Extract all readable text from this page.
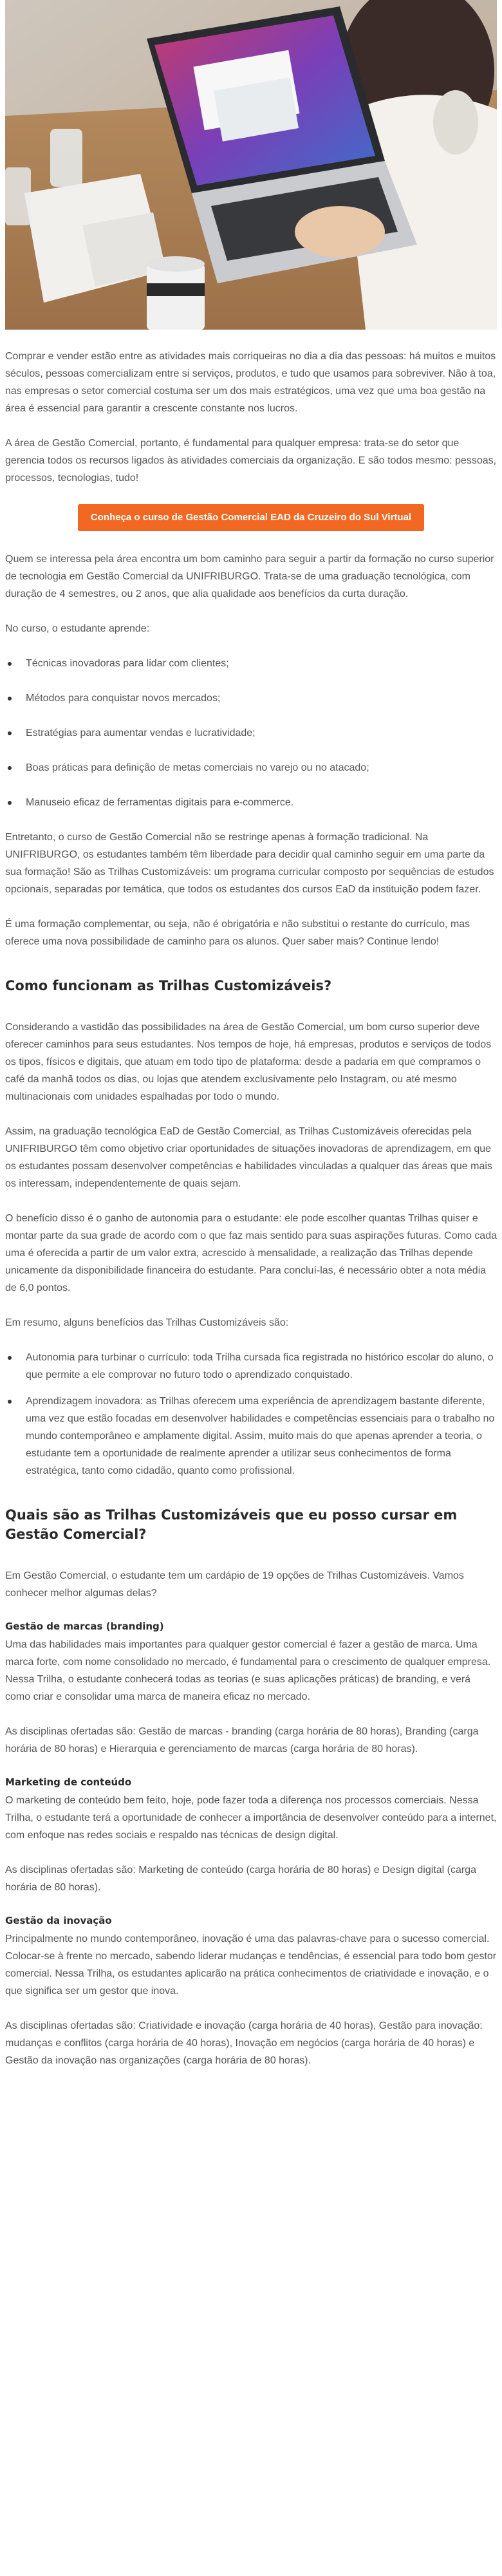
Comprar e vender estão entre as atividades mais corriqueiras no dia a dia das pessoas: há muitos e muitos séculos, pessoas comercializam entre si serviços, produtos, e tudo que usamos para sobreviver. Não à toa, nas empresas o setor comercial costuma ser um dos mais estratégicos, uma vez que uma boa gestão na área é essencial para garantir a crescente constante nos lucros.

A área de Gestão Comercial, portanto, é fundamental para qualquer empresa: trata-se do setor que gerencia todos os recursos ligados às atividades comerciais da organização. E são todos mesmo: pessoas, processos, tecnologias, tudo!

Conheça o curso de Gestão Comercial EAD da Cruzeiro do Sul Virtual

Quem se interessa pela área encontra um bom caminho para seguir a partir da formação no curso superior de tecnologia em Gestão Comercial da UNIFRIBURGO. Trata-se de uma graduação tecnológica, com duração de 4 semestres, ou 2 anos, que alia qualidade aos benefícios da curta duração.

No curso, o estudante aprende:

Técnicas inovadoras para lidar com clientes;
Métodos para conquistar novos mercados;
Estratégias para aumentar vendas e lucratividade;
Boas práticas para definição de metas comerciais no varejo ou no atacado;
Manuseio eficaz de ferramentas digitais para e-commerce.

Entretanto, o curso de Gestão Comercial não se restringe apenas à formação tradicional. Na UNIFRIBURGO, os estudantes também têm liberdade para decidir qual caminho seguir em uma parte da sua formação! São as Trilhas Customizáveis: um programa curricular composto por sequências de estudos opcionais, separadas por temática, que todos os estudantes dos cursos EaD da instituição podem fazer.

É uma formação complementar, ou seja, não é obrigatória e não substitui o restante do currículo, mas oferece uma nova possibilidade de caminho para os alunos. Quer saber mais? Continue lendo!

Como funcionam as Trilhas Customizáveis?

Considerando a vastidão das possibilidades na área de Gestão Comercial, um bom curso superior deve oferecer caminhos para seus estudantes. Nos tempos de hoje, há empresas, produtos e serviços de todos os tipos, físicos e digitais, que atuam em todo tipo de plataforma: desde a padaria em que compramos o café da manhã todos os dias, ou lojas que atendem exclusivamente pelo Instagram, ou até mesmo multinacionais com unidades espalhadas por todo o mundo.

Assim, na graduação tecnológica EaD de Gestão Comercial, as Trilhas Customizáveis oferecidas pela UNIFRIBURGO têm como objetivo criar oportunidades de situações inovadoras de aprendizagem, em que os estudantes possam desenvolver competências e habilidades vinculadas a qualquer das áreas que mais os interessam, independentemente de quais sejam.

O benefício disso é o ganho de autonomia para o estudante: ele pode escolher quantas Trilhas quiser e montar parte da sua grade de acordo com o que faz mais sentido para suas aspirações futuras. Como cada uma é oferecida a partir de um valor extra, acrescido à mensalidade, a realização das Trilhas depende unicamente da disponibilidade financeira do estudante. Para concluí-las, é necessário obter a nota média de 6,0 pontos.

Em resumo, alguns benefícios das Trilhas Customizáveis são:

Autonomia para turbinar o currículo: toda Trilha cursada fica registrada no histórico escolar do aluno, o que permite a ele comprovar no futuro todo o aprendizado conquistado.
Aprendizagem inovadora: as Trilhas oferecem uma experiência de aprendizagem bastante diferente, uma vez que estão focadas em desenvolver habilidades e competências essenciais para o trabalho no mundo contemporâneo e amplamente digital. Assim, muito mais do que apenas aprender a teoria, o estudante tem a oportunidade de realmente aprender a utilizar seus conhecimentos de forma estratégica, tanto como cidadão, quanto como profissional.
Quais são as Trilhas Customizáveis que eu posso cursar em Gestão Comercial?

Em Gestão Comercial, o estudante tem um cardápio de 19 opções de Trilhas Customizáveis. Vamos conhecer melhor algumas delas?

Gestão de marcas (branding)

Uma das habilidades mais importantes para qualquer gestor comercial é fazer a gestão de marca. Uma marca forte, com nome consolidado no mercado, é fundamental para o crescimento de qualquer empresa. Nessa Trilha, o estudante conhecerá todas as teorias (e suas aplicações práticas) de branding, e verá como criar e consolidar uma marca de maneira eficaz no mercado.

As disciplinas ofertadas são: Gestão de marcas - branding (carga horária de 80 horas), Branding (carga horária de 80 horas) e Hierarquia e gerenciamento de marcas (carga horária de 80 horas).

Marketing de conteúdo

O marketing de conteúdo bem feito, hoje, pode fazer toda a diferença nos processos comerciais. Nessa Trilha, o estudante terá a oportunidade de conhecer a importância de desenvolver conteúdo para a internet, com enfoque nas redes sociais e respaldo nas técnicas de design digital.

As disciplinas ofertadas são: Marketing de conteúdo (carga horária de 80 horas) e Design digital (carga horária de 80 horas).

Gestão da inovação

Principalmente no mundo contemporâneo, inovação é uma das palavras-chave para o sucesso comercial. Colocar-se à frente no mercado, sabendo liderar mudanças e tendências, é essencial para todo bom gestor comercial. Nessa Trilha, os estudantes aplicarão na prática conhecimentos de criatividade e inovação, e o que significa ser um gestor que inova.

As disciplinas ofertadas são: Criatividade e inovação (carga horária de 40 horas), Gestão para inovação: mudanças e conflitos (carga horária de 40 horas), Inovação em negócios (carga horária de 40 horas) e Gestão da inovação nas organizações (carga horária de 80 horas).
